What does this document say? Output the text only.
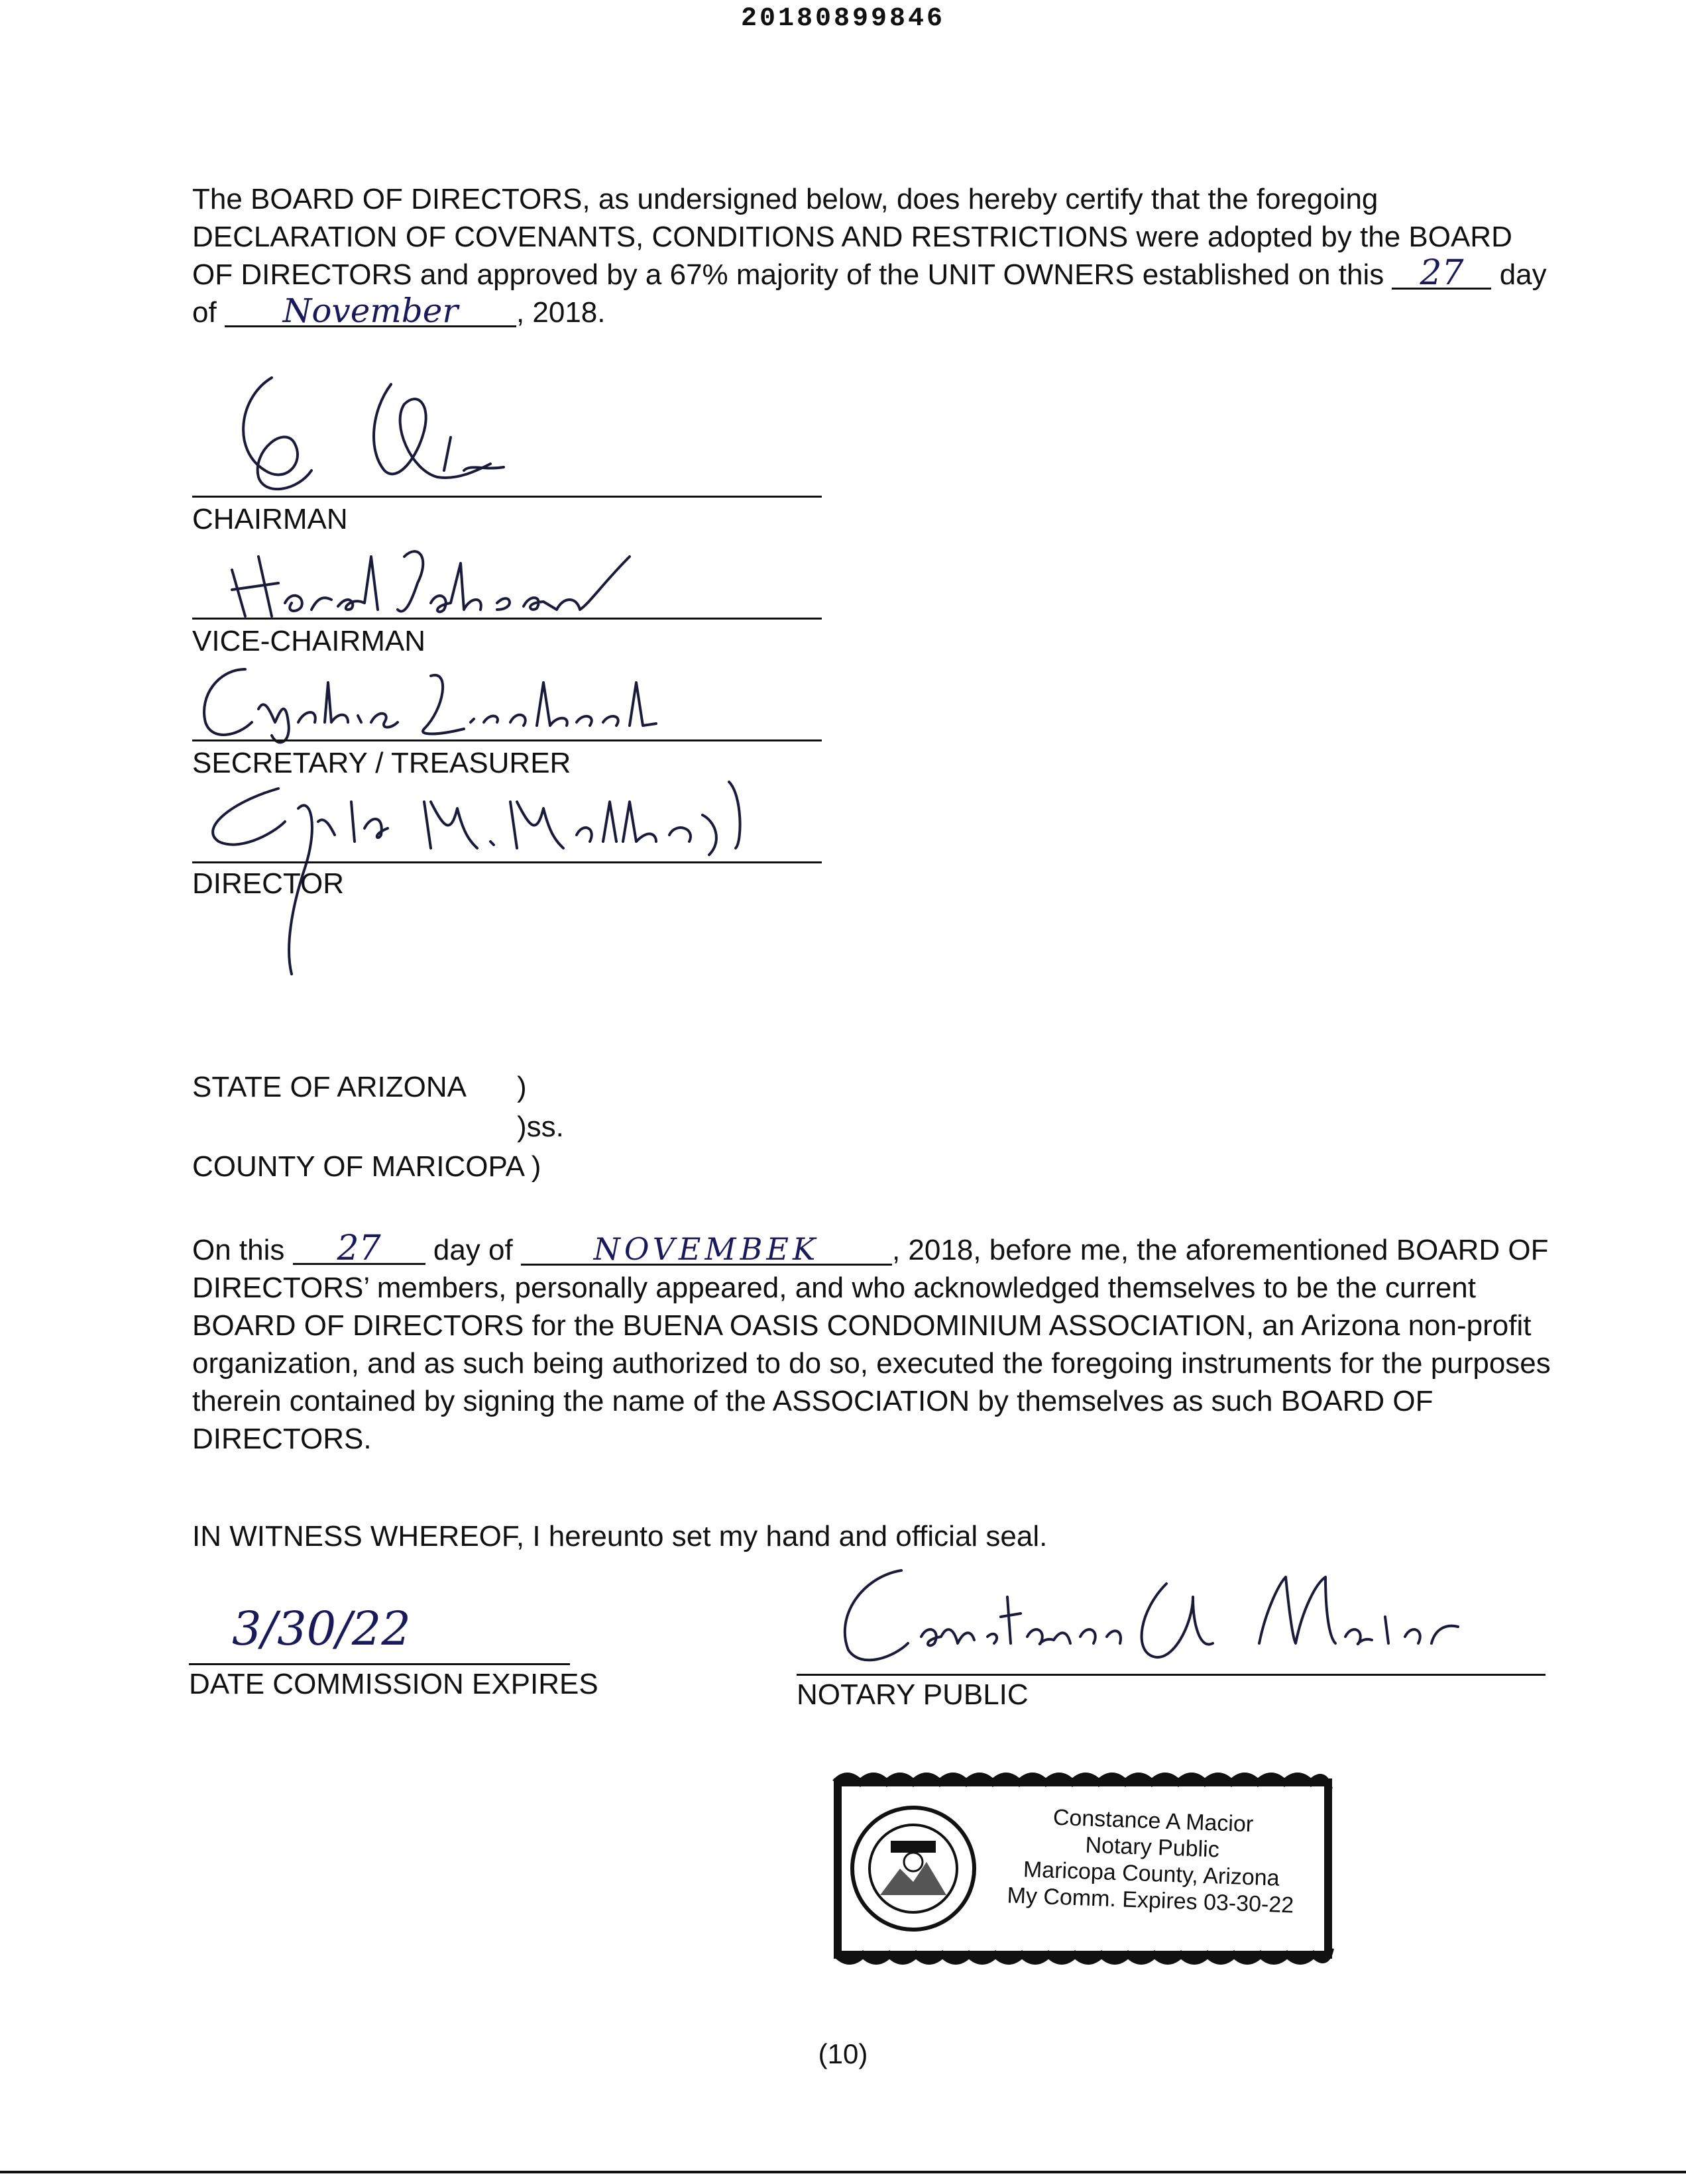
20180899846

The BOARD OF DIRECTORS, as undersigned below, does hereby certify that the foregoing DECLARATION OF COVENANTS, CONDITIONS AND RESTRICTIONS were adopted by the BOARD OF DIRECTORS and approved by a 67% majority of the UNIT OWNERS established on this 27 day of November , 2018.

CHAIRMAN
VICE-CHAIRMAN
SECRETARY / TREASURER
DIRECTOR
STATE OF ARIZONA )
)ss.
COUNTY OF MARICOPA )

On this 27 day of	NOVEMBEK , 2018, before me, the aforementioned BOARD OF DIRECTORS’ members, personally appeared, and who acknowledged themselves to be the current BOARD OF DIRECTORS for the BUENA OASIS CONDOMINIUM ASSOCIATION, an Arizona non-profit organization, and as such being authorized to do so, executed the foregoing instruments for the purposes therein contained by signing the name of the ASSOCIATION by themselves as such BOARD OF DIRECTORS.

IN WITNESS WHEREOF, I hereunto set my hand and official seal.
3/30/22
DATE COMMISSION EXPIRES	NOTARY PUBLIC
Constance A Macior
Notary Public
Maricopa County, Arizona
My Comm. Expires 03-30-22
(10)
